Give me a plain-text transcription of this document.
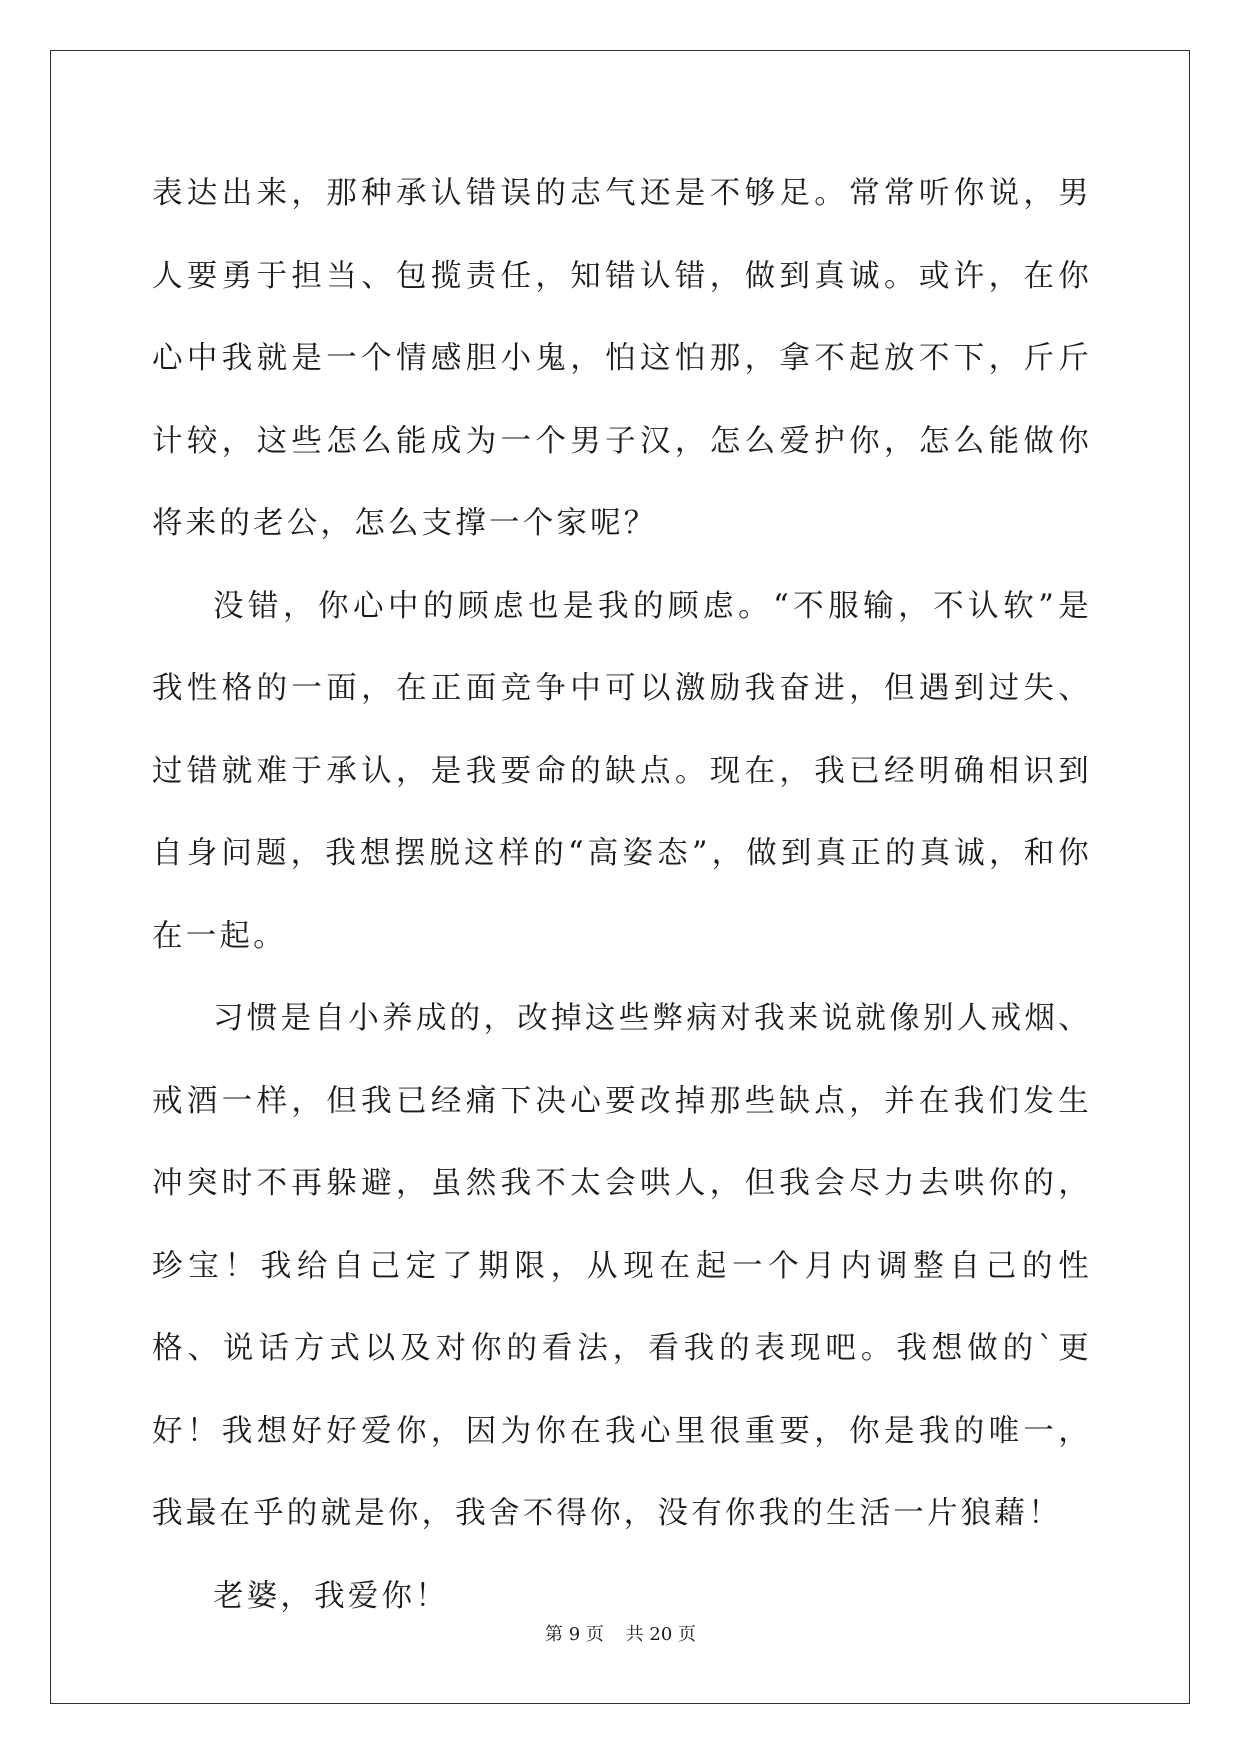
表达出来，那种承认错误的志气还是不够足。常常听你说，男人要勇于担当、包揽责任，知错认错，做到真诚。或许，在你心中我就是一个情感胆小鬼，怕这怕那，拿不起放不下，斤斤计较，这些怎么能成为一个男子汉，怎么爱护你，怎么能做你将来的老公，怎么支撑一个家呢？

没错，你心中的顾虑也是我的顾虑。“不服输，不认软”是我性格的一面，在正面竞争中可以激励我奋进，但遇到过失、过错就难于承认，是我要命的缺点。现在，我已经明确相识到自身问题，我想摆脱这样的“高姿态”，做到真正的真诚，和你在一起。

习惯是自小养成的，改掉这些弊病对我来说就像别人戒烟、戒酒一样，但我已经痛下决心要改掉那些缺点，并在我们发生冲突时不再躲避，虽然我不太会哄人，但我会尽力去哄你的，珍宝！我给自己定了期限，从现在起一个月内调整自己的性格、说话方式以及对你的看法，看我的表现吧。我想做的`更好！我想好好爱你，因为你在我心里很重要，你是我的唯一，我最在乎的就是你，我舍不得你，没有你我的生活一片狼藉！

老婆，我爱你！

第 9 页 共 20 页
